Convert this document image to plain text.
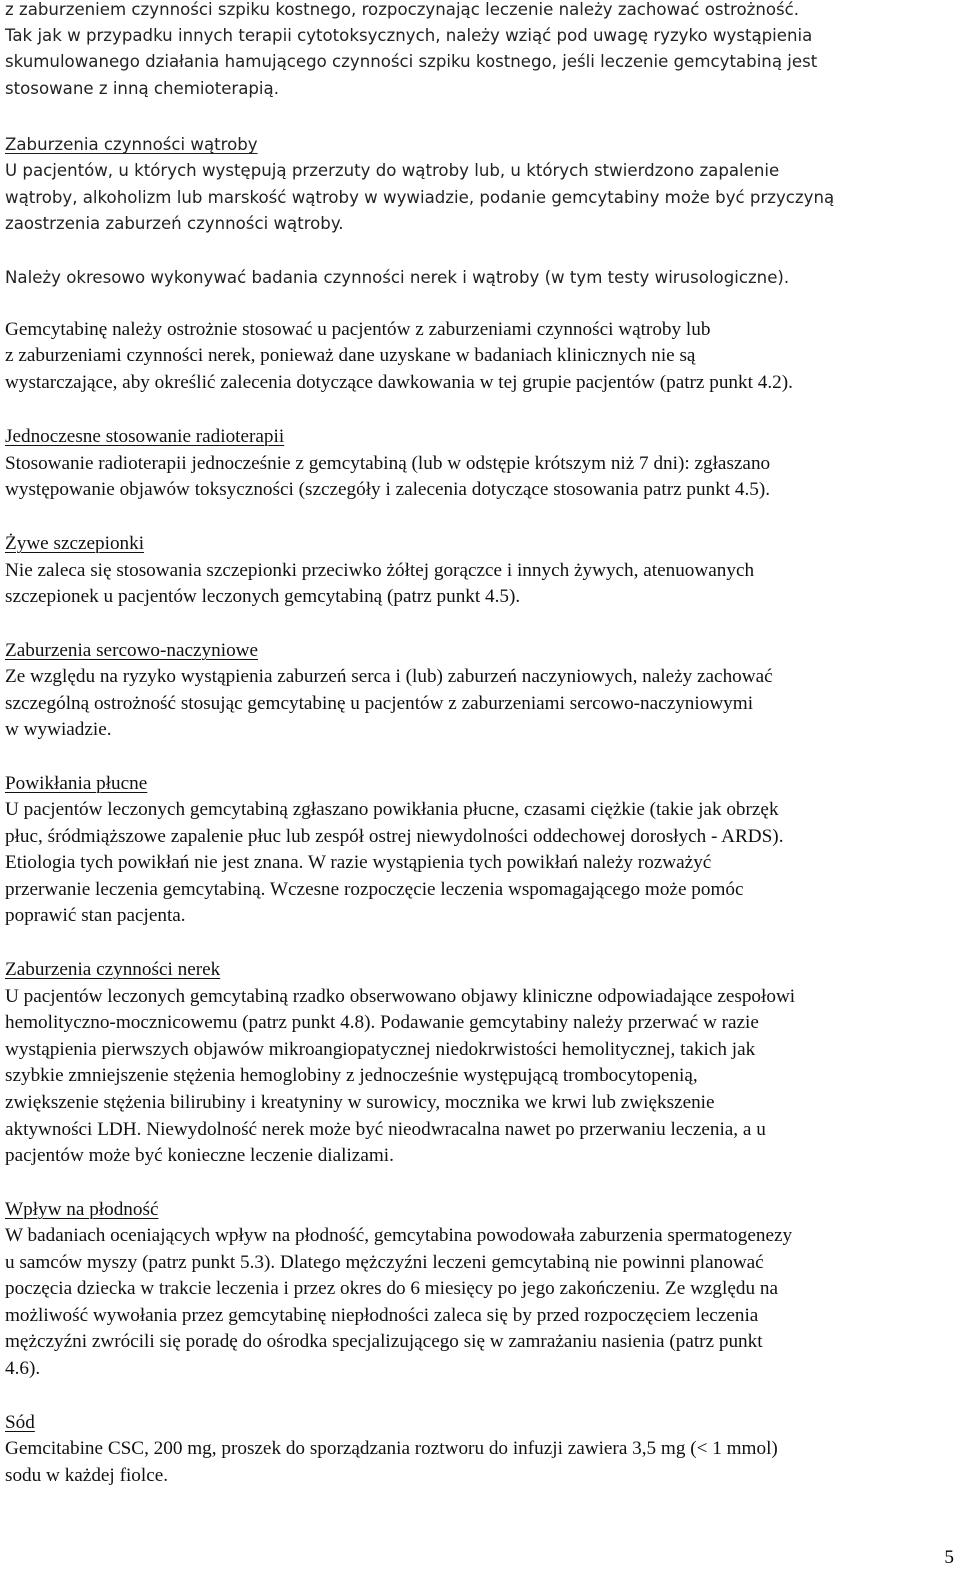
z zaburzeniem czynności szpiku kostnego, rozpoczynając leczenie należy zachować ostrożność.
Tak jak w przypadku innych terapii cytotoksycznych, należy wziąć pod uwagę ryzyko wystąpienia
skumulowanego działania hamującego czynności szpiku kostnego, jeśli leczenie gemcytabiną jest
stosowane z inną chemioterapią.
Zaburzenia czynności wątroby
U pacjentów, u których występują przerzuty do wątroby lub, u których stwierdzono zapalenie
wątroby, alkoholizm lub marskość wątroby w wywiadzie, podanie gemcytabiny może być przyczyną
zaostrzenia zaburzeń czynności wątroby.
Należy okresowo wykonywać badania czynności nerek i wątroby (w tym testy wirusologiczne).
Gemcytabinę należy ostrożnie stosować u pacjentów z zaburzeniami czynności wątroby lub
z zaburzeniami czynności nerek, ponieważ dane uzyskane w badaniach klinicznych nie są
wystarczające, aby określić zalecenia dotyczące dawkowania w tej grupie pacjentów (patrz punkt 4.2).
Jednoczesne stosowanie radioterapii
Stosowanie radioterapii jednocześnie z gemcytabiną (lub w odstępie krótszym niż 7 dni): zgłaszano
występowanie objawów toksyczności (szczegóły i zalecenia dotyczące stosowania patrz punkt 4.5).
Żywe szczepionki
Nie zaleca się stosowania szczepionki przeciwko żółtej gorączce i innych żywych, atenuowanych
szczepionek u pacjentów leczonych gemcytabiną (patrz punkt 4.5).
Zaburzenia sercowo-naczyniowe
Ze względu na ryzyko wystąpienia zaburzeń serca i (lub) zaburzeń naczyniowych, należy zachować
szczególną ostrożność stosując gemcytabinę u pacjentów z zaburzeniami sercowo-naczyniowymi
w wywiadzie.
Powikłania płucne
U pacjentów leczonych gemcytabiną zgłaszano powikłania płucne, czasami ciężkie (takie jak obrzęk
płuc, śródmiąższowe zapalenie płuc lub zespół ostrej niewydolności oddechowej dorosłych - ARDS).
Etiologia tych powikłań nie jest znana. W razie wystąpienia tych powikłań należy rozważyć
przerwanie leczenia gemcytabiną. Wczesne rozpoczęcie leczenia wspomagającego może pomóc
poprawić stan pacjenta.
Zaburzenia czynności nerek
U pacjentów leczonych gemcytabiną rzadko obserwowano objawy kliniczne odpowiadające zespołowi
hemolityczno-mocznicowemu (patrz punkt 4.8). Podawanie gemcytabiny należy przerwać w razie
wystąpienia pierwszych objawów mikroangiopatycznej niedokrwistości hemolitycznej, takich jak
szybkie zmniejszenie stężenia hemoglobiny z jednocześnie występującą trombocytopenią,
zwiększenie stężenia bilirubiny i kreatyniny w surowicy, mocznika we krwi lub zwiększenie
aktywności LDH. Niewydolność nerek może być nieodwracalna nawet po przerwaniu leczenia, a u
pacjentów może być konieczne leczenie dializami.
Wpływ na płodność
W badaniach oceniających wpływ na płodność, gemcytabina powodowała zaburzenia spermatogenezy
u samców myszy (patrz punkt 5.3). Dlatego mężczyźni leczeni gemcytabiną nie powinni planować
poczęcia dziecka w trakcie leczenia i przez okres do 6 miesięcy po jego zakończeniu. Ze względu na
możliwość wywołania przez gemcytabinę niepłodności zaleca się by przed rozpoczęciem leczenia
mężczyźni zwrócili się poradę do ośrodka specjalizującego się w zamrażaniu nasienia (patrz punkt
4.6).
Sód
Gemcitabine CSC, 200 mg, proszek do sporządzania roztworu do infuzji zawiera 3,5 mg (< 1 mmol)
sodu w każdej fiolce.
5
